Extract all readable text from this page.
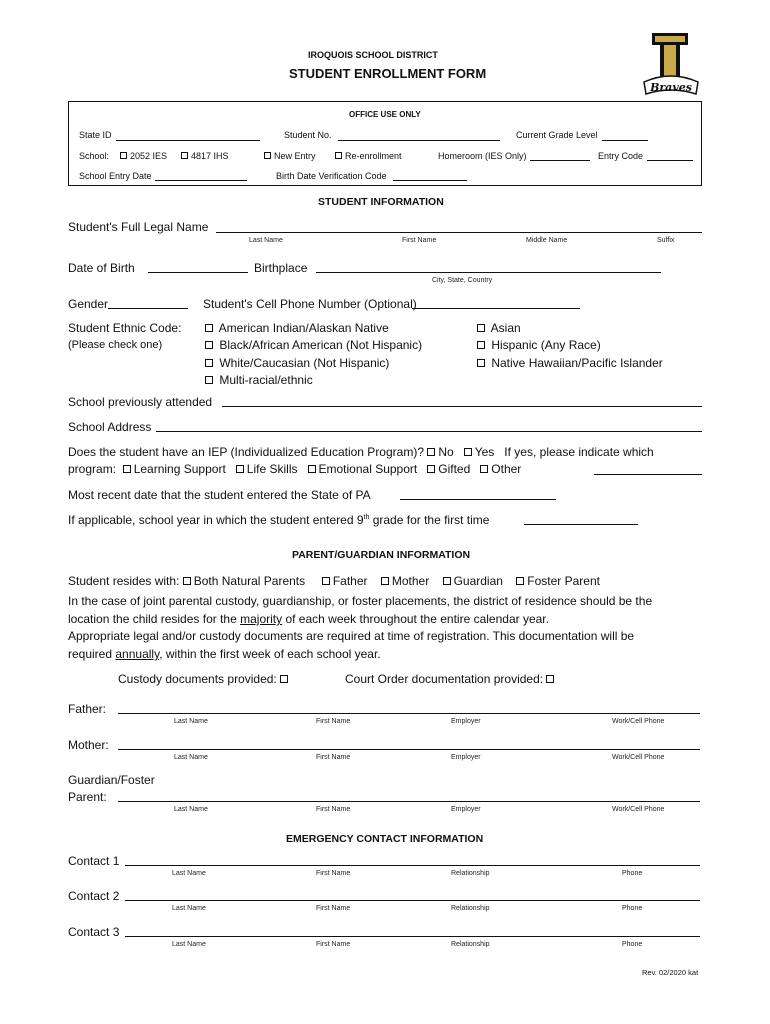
IROQUOIS SCHOOL DISTRICT
STUDENT ENROLLMENT FORM
Braves
OFFICE USE ONLY
State ID	Student No.	Current Grade Level
School:	2052 IES	4817 IHS	New Entry	Re-enrollment	Homeroom (IES Only)	Entry Code
School Entry Date	Birth Date Verification Code
STUDENT INFORMATION
Student's Full Legal Name
Last Name	First Name	Middle Name	Suffix
Date of Birth	Birthplace
City, State, Country
Gender	Student's Cell Phone Number (Optional)
Student Ethnic Code:
(Please check one)
American Indian/Alaskan Native
Black/African American (Not Hispanic)
White/Caucasian (Not Hispanic)
Multi-racial/ethnic
Asian
Hispanic (Any Race)
Native Hawaiian/Pacific Islander
School previously attended
School Address
Does the student have an IEP (Individualized Education Program)? No Yes If yes, please indicate which
program: Learning Support Life Skills Emotional Support Gifted Other
Most recent date that the student entered the State of PA
If applicable, school year in which the student entered 9th grade for the first time
PARENT/GUARDIAN INFORMATION
Student resides with: Both Natural Parents Father Mother Guardian Foster Parent
In the case of joint parental custody, guardianship, or foster placements, the district of residence should be the
location the child resides for the majority of each week throughout the entire calendar year.
Appropriate legal and/or custody documents are required at time of registration. This documentation will be
required annually, within the first week of each school year.
Custody documents provided:	Court Order documentation provided:
Father:
Last Name	First Name	Employer	Work/Cell Phone
Mother:
Last Name	First Name	Employer	Work/Cell Phone
Guardian/Foster
Parent:
Last Name	First Name	Employer	Work/Cell Phone
EMERGENCY CONTACT INFORMATION
Contact 1
Last Name	First Name	Relationship	Phone
Contact 2
Last Name	First Name	Relationship	Phone
Contact 3
Last Name	First Name	Relationship	Phone
Rev. 02/2020 kat
